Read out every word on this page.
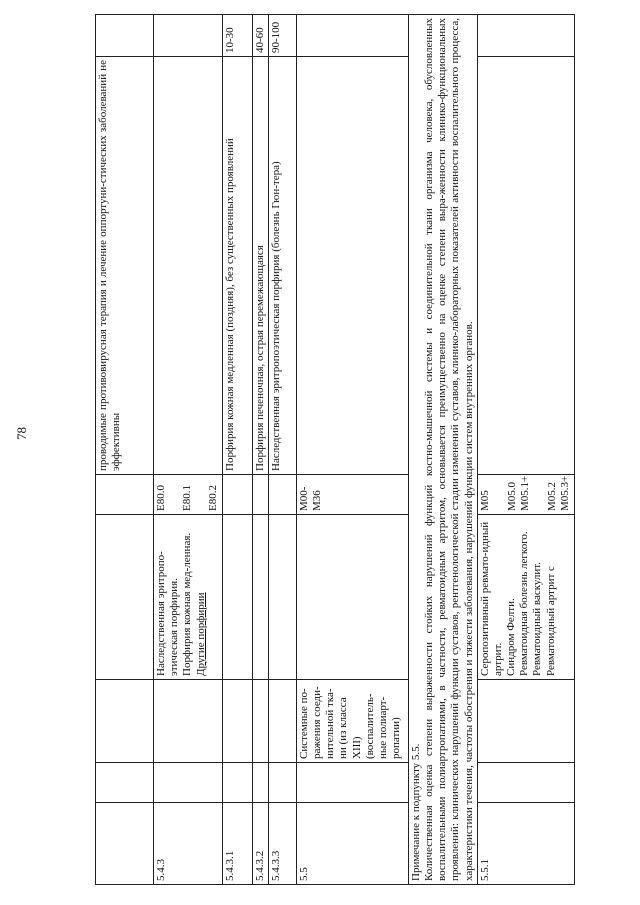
78
						проводимые противовирусная терапия и лечение оппортуни-стических заболеваний не эффективны	
5.4.3			Наследственная эритропо-этическая порфирия. Порфирия кожная мед-ленная. Другие порфирии	E80.0 E80.1 E80.2		

5.4.3.1					Порфирия кожная медленная (поздняя), без существенных проявлений	10-30
5.4.3.2					Порфирия печеночная, острая перемежающаяся	40-60
5.4.3.3					Наследственная эритропоэтическая порфирия (болезнь Гюн-тера)	90-100
5.5		Системные по-ражения соеди-нительной тка-ни (из класса XIII) (воспалитель-ные полиарт-ропатии)		M00-M36		

Примечание к подпункту 5.5. Количественная оценка степени выраженности стойких нарушений функций костно-мышечной системы и соединительной ткани организма человека, обусловленных воспалительными полиартропатиями, в частности, ревматоидным артритом, основывается преимущественно на оценке степени выра-женности клинико-функциональных проявлений: клинических нарушений функции суставов, рентгенологической стадии изменений суставов, клинико-лабораторных показателей активности воспалительного процесса, характеристики течения, частоты обострения и тяжести заболевания, нарушений функции систем внутренних органов.						
5.5.1			Серопозитивный ревмато-идный артрит. Синдром Фелти. Ревматоидная болезнь легкого. Ревматоидный васкулит. Ревматоидный артрит с	M05 M05.0 M05.1+ M05.2 M05.3+		
